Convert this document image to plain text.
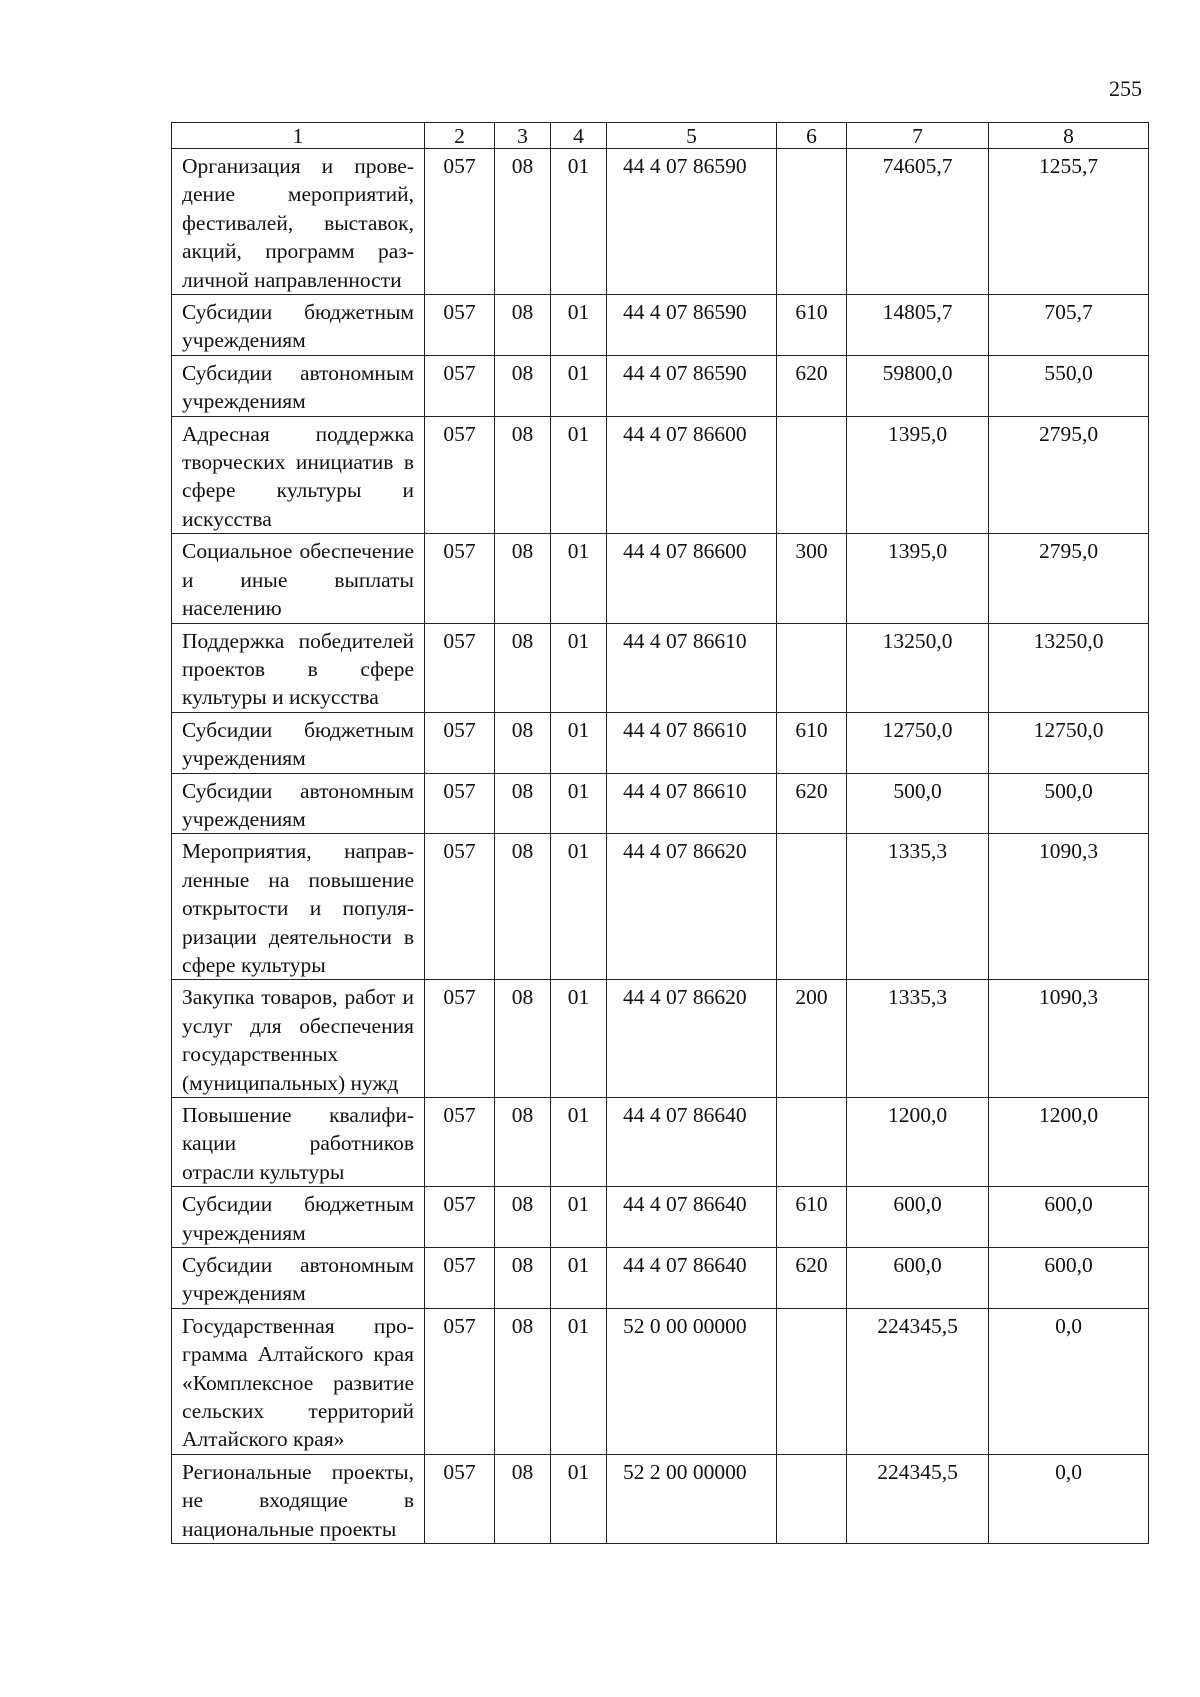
255
1	2	3	4	5	6	7	8
Организация и проведение мероприятий, фестивалей, выставок, акций, программ различной направленности	057	08	01	44 4 07 86590		74605,7	1255,7
Субсидии бюджетным учреждениям	057	08	01	44 4 07 86590	610	14805,7	705,7
Субсидии автономным учреждениям	057	08	01	44 4 07 86590	620	59800,0	550,0
Адресная поддержка творческих инициатив в сфере культуры и искусства	057	08	01	44 4 07 86600		1395,0	2795,0
Социальное обеспечение и иные выплаты населению	057	08	01	44 4 07 86600	300	1395,0	2795,0
Поддержка победителей проектов в сфере культуры и искусства	057	08	01	44 4 07 86610		13250,0	13250,0
Субсидии бюджетным учреждениям	057	08	01	44 4 07 86610	610	12750,0	12750,0
Субсидии автономным учреждениям	057	08	01	44 4 07 86610	620	500,0	500,0
Мероприятия, направленные на повышение открытости и популяризации деятельности в сфере культуры	057	08	01	44 4 07 86620		1335,3	1090,3
Закупка товаров, работ и услуг для обеспечения государственных (муниципальных) нужд	057	08	01	44 4 07 86620	200	1335,3	1090,3
Повышение квалификации работников отрасли культуры	057	08	01	44 4 07 86640		1200,0	1200,0
Субсидии бюджетным учреждениям	057	08	01	44 4 07 86640	610	600,0	600,0
Субсидии автономным учреждениям	057	08	01	44 4 07 86640	620	600,0	600,0
Государственная программа Алтайского края «Комплексное развитие сельских территорий Алтайского края»	057	08	01	52 0 00 00000		224345,5	0,0
Региональные проекты, не входящие в национальные проекты	057	08	01	52 2 00 00000		224345,5	0,0
